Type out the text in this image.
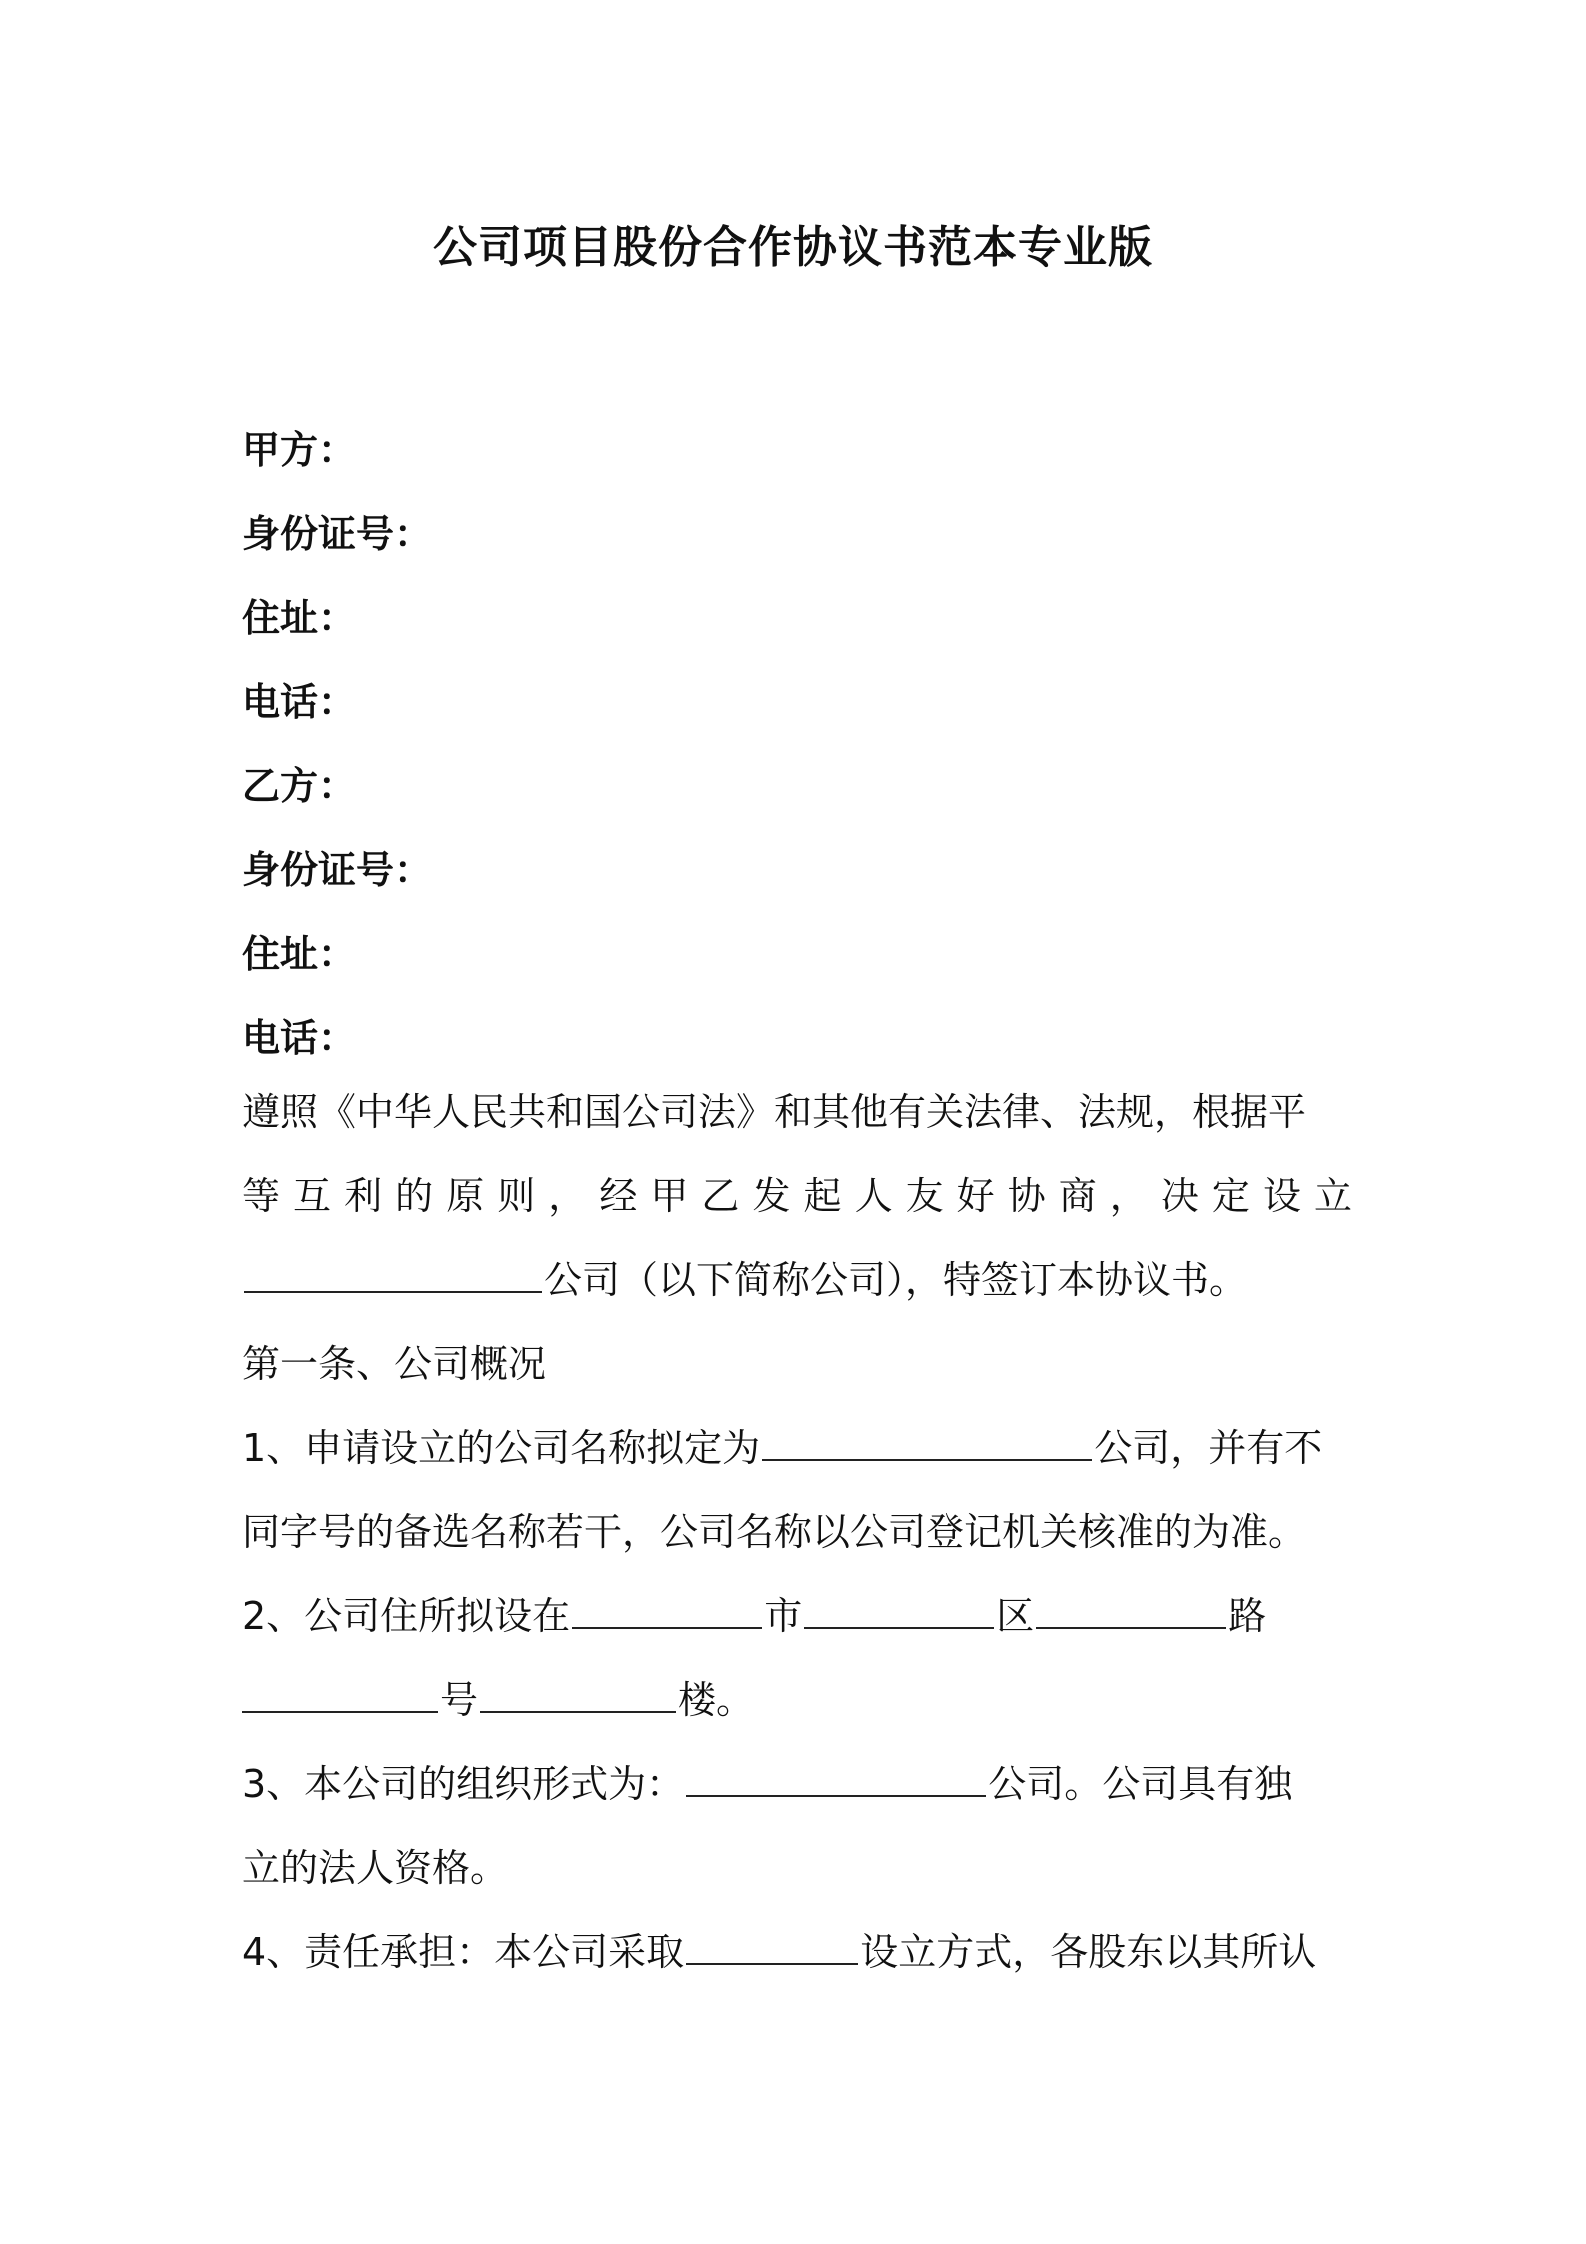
公司项目股份合作协议书范本专业版
甲方：
身份证号：
住址：
电话：
乙方：
身份证号：
住址：
电话：
遵照《中华人民共和国公司法》和其他有关法律、法规，根据平
等互利的原则，经甲乙发起人友好协商，决定设立
公司（以下简称公司），特签订本协议书。
第一条、公司概况
1、申请设立的公司名称拟定为	公司，并有不
同字号的备选名称若干，公司名称以公司登记机关核准的为准。
2、公司住所拟设在	市	区	路
号	楼。
3、本公司的组织形式为：	公司。公司具有独
立的法人资格。
4、责任承担：本公司采取	设立方式，各股东以其所认
